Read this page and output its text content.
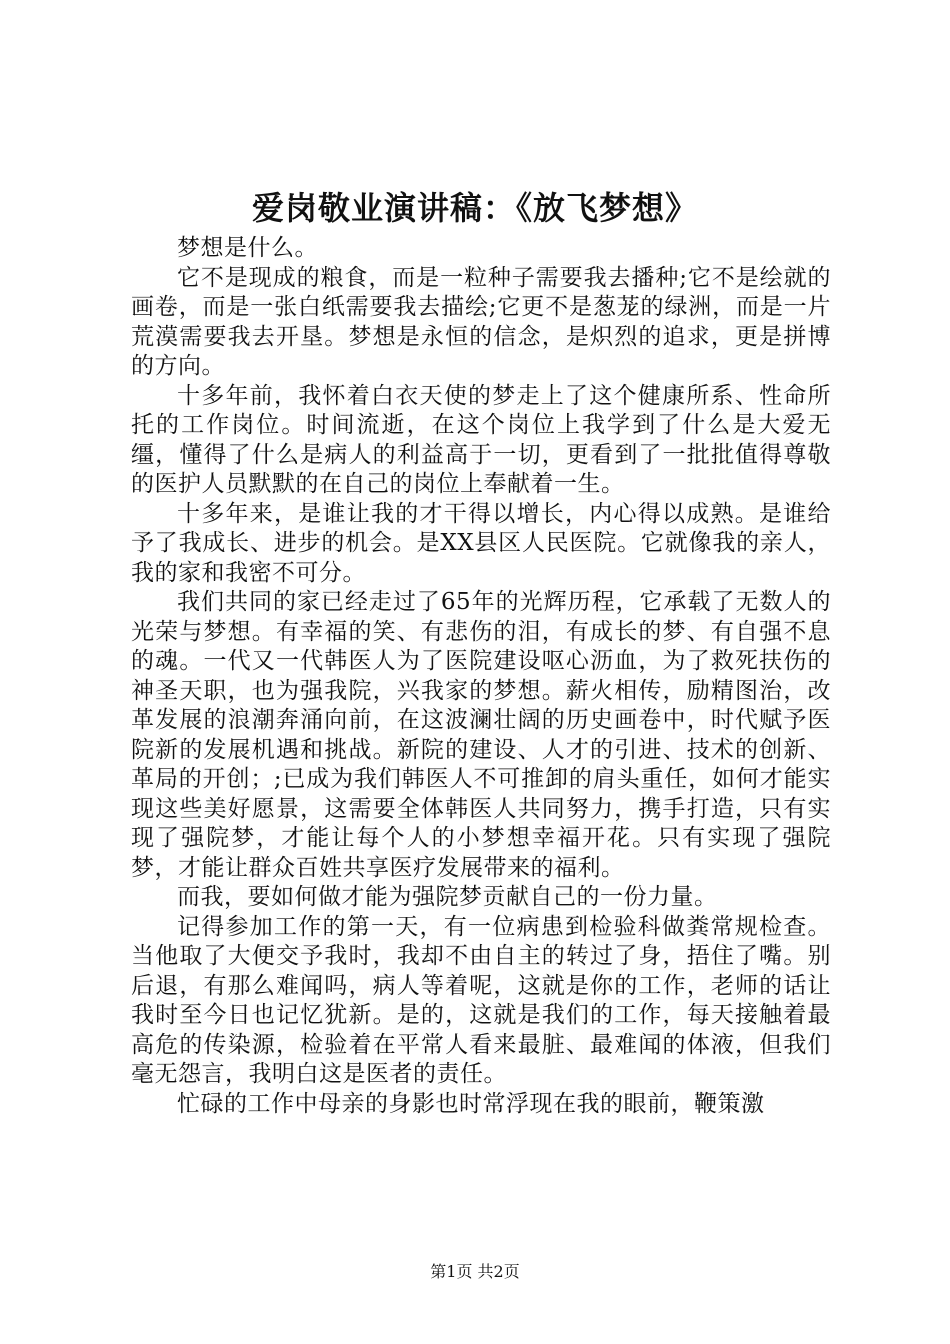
爱岗敬业演讲稿：《放飞梦想》

梦想是什么。

它不是现成的粮食，而是一粒种子需要我去播种;它不是绘就的画卷，而是一张白纸需要我去描绘;它更不是葱茏的绿洲，而是一片荒漠需要我去开垦。梦想是永恒的信念，是炽烈的追求，更是拼博的方向。

十多年前，我怀着白衣天使的梦走上了这个健康所系、性命所托的工作岗位。时间流逝，在这个岗位上我学到了什么是大爱无缰，懂得了什么是病人的利益高于一切，更看到了一批批值得尊敬的医护人员默默的在自己的岗位上奉献着一生。

十多年来，是谁让我的才干得以增长，内心得以成熟。是谁给予了我成长、进步的机会。是XX县区人民医院。它就像我的亲人，我的家和我密不可分。

我们共同的家已经走过了65年的光辉历程，它承载了无数人的光荣与梦想。有幸福的笑、有悲伤的泪，有成长的梦、有自强不息的魂。一代又一代韩医人为了医院建设呕心沥血，为了救死扶伤的神圣天职，也为强我院，兴我家的梦想。薪火相传，励精图治，改革发展的浪潮奔涌向前，在这波澜壮阔的历史画卷中，时代赋予医院新的发展机遇和挑战。新院的建设、人才的引进、技术的创新、革局的开创；;已成为我们韩医人不可推卸的肩头重任，如何才能实现这些美好愿景，这需要全体韩医人共同努力，携手打造，只有实现了强院梦，才能让每个人的小梦想幸福开花。只有实现了强院梦，才能让群众百姓共享医疗发展带来的福利。

而我，要如何做才能为强院梦贡献自己的一份力量。

记得参加工作的第一天，有一位病患到检验科做粪常规检查。当他取了大便交予我时，我却不由自主的转过了身，捂住了嘴。别后退，有那么难闻吗，病人等着呢，这就是你的工作，老师的话让我时至今日也记忆犹新。是的，这就是我们的工作，每天接触着最高危的传染源，检验着在平常人看来最脏、最难闻的体液，但我们毫无怨言，我明白这是医者的责任。

忙碌的工作中母亲的身影也时常浮现在我的眼前，鞭策激

第1页 共2页
